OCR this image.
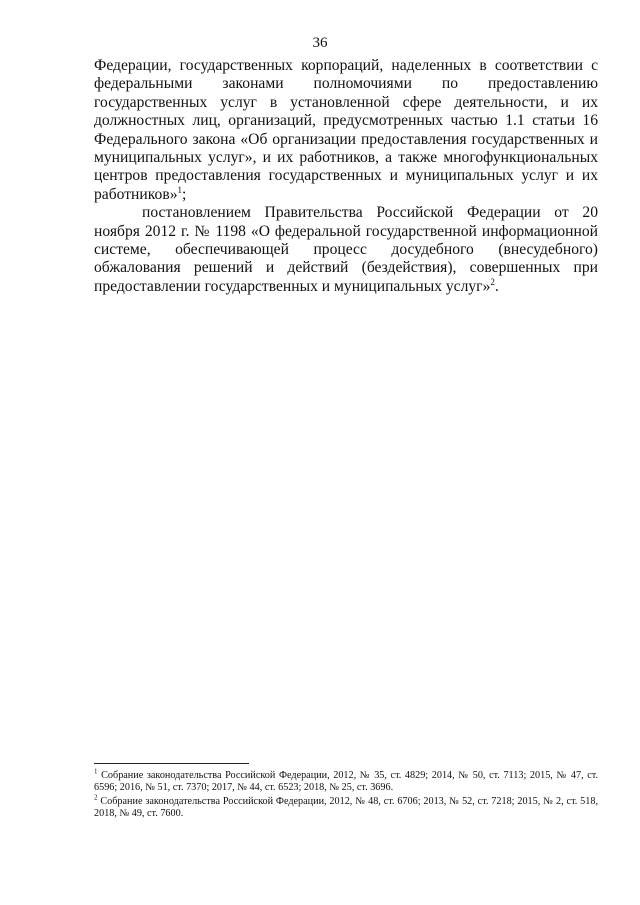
36

Федерации, государственных корпораций, наделенных в соответствии с федеральными законами полномочиями по предоставлению государственных услуг в установленной сфере деятельности, и их должностных лиц, организаций, предусмотренных частью 1.1 статьи 16 Федерального закона «Об организации предоставления государственных и муниципальных услуг», и их работников, а также многофункциональных центров предоставления государственных и муниципальных услуг и их работников»$^1$;

постановлением Правительства Российской Федерации от 20 ноября 2012 г. № 1198 «О федеральной государственной информационной системе, обеспечивающей процесс досудебного (внесудебного) обжалования решений и действий (бездействия), совершенных при предоставлении государственных и муниципальных услуг»$^2$.

$^1$ Собрание законодательства Российской Федерации, 2012, № 35, ст. 4829; 2014, № 50, ст. 7113; 2015, № 47, ст. 6596; 2016, № 51, ст. 7370; 2017, № 44, ст. 6523; 2018, № 25, ст. 3696.

$^2$ Собрание законодательства Российской Федерации, 2012, № 48, ст. 6706; 2013, № 52, ст. 7218; 2015, № 2, ст. 518, 2018, № 49, ст. 7600.
